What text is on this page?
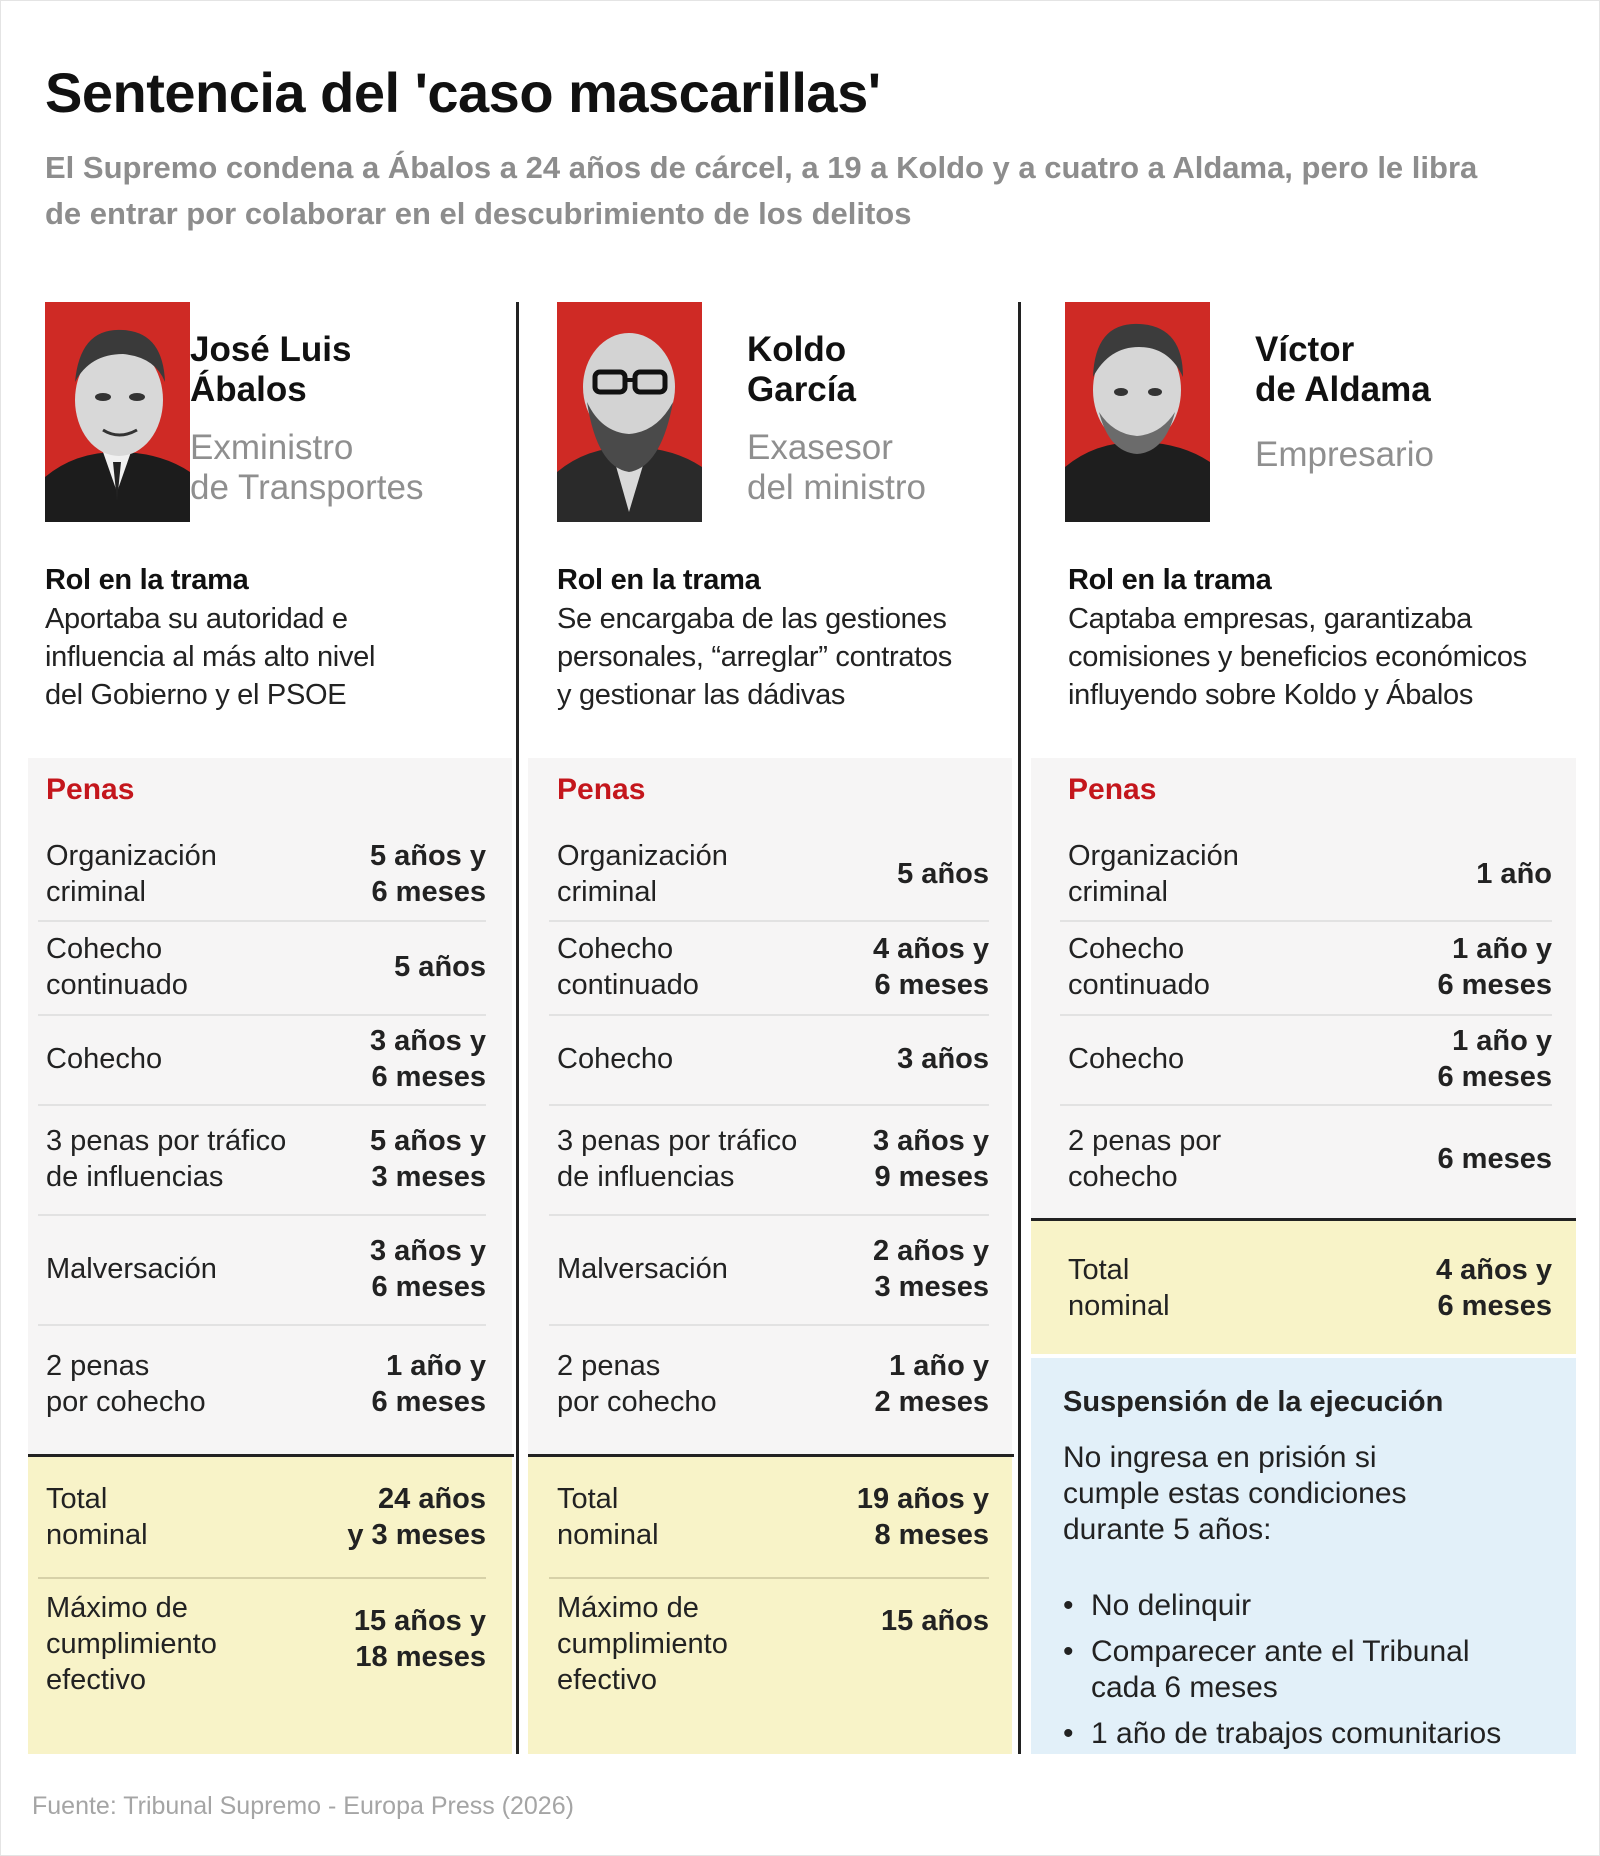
Sentencia del 'caso mascarillas'

El Supremo condena a Ábalos a 24 años de cárcel, a 19 a Koldo y a cuatro a Aldama, pero le libra de entrar por colaborar en el descubrimiento de los delitos

José Luis
Ábalos
Exministro
de Transportes
Rol en la trama
Aportaba su autoridad e
influencia al más alto nivel
del Gobierno y el PSOE
Penas
Organización
criminal
5 años y
6 meses
Cohecho
continuado
5 años
Cohecho
3 años y
6 meses
3 penas por tráfico
de influencias
5 años y
3 meses
Malversación
3 años y
6 meses
2 penas
por cohecho
1 año y
6 meses
Total
nominal
24 años
y 3 meses
Máximo de
cumplimiento
efectivo
15 años y
18 meses
Koldo
García
Exasesor
del ministro
Rol en la trama
Se encargaba de las gestiones
personales, “arreglar” contratos
y gestionar las dádivas
Penas
Organización
criminal
5 años
Cohecho
continuado
4 años y
6 meses
Cohecho	3 años
3 penas por tráfico
de influencias
3 años y
9 meses
Malversación
2 años y
3 meses
2 penas
por cohecho
1 año y
2 meses
Total
nominal
19 años y
8 meses
Máximo de
cumplimiento
efectivo
15 años
Víctor
de Aldama
Empresario
Rol en la trama
Captaba empresas, garantizaba
comisiones y beneficios económicos
influyendo sobre Koldo y Ábalos
Penas
Organización
criminal
1 año
Cohecho
continuado
1 año y
6 meses
Cohecho
1 año y
6 meses
2 penas por
cohecho
6 meses
Total
nominal
4 años y
6 meses
Suspensión de la ejecución
No ingresa en prisión si
cumple estas condiciones
durante 5 años:
• No delinquir
• Comparecer ante el Tribunal
cada 6 meses
• 1 año de trabajos comunitarios
Fuente: Tribunal Supremo - Europa Press (2026)
